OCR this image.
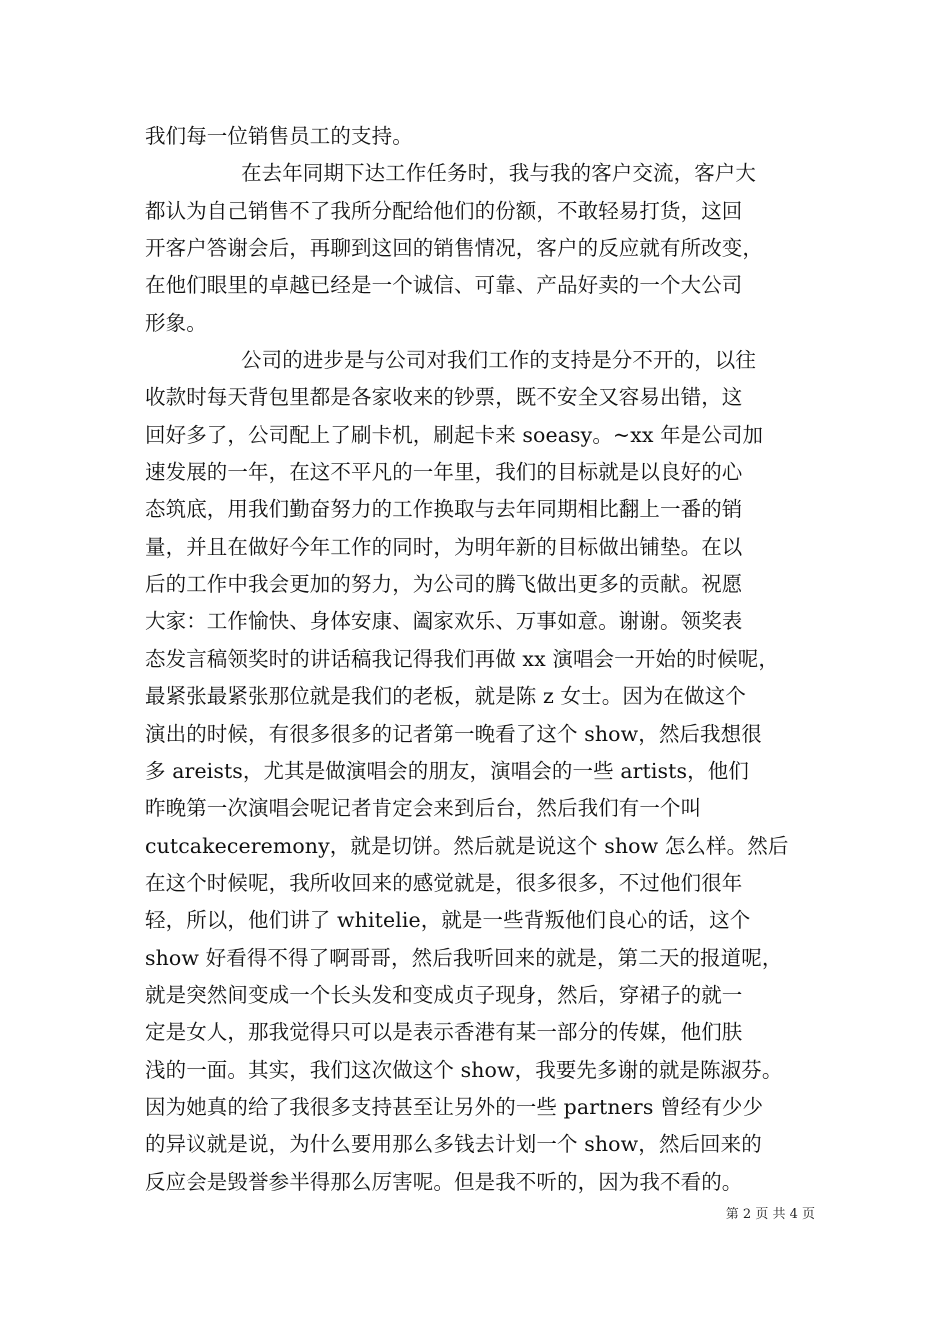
我们每一位销售员工的支持。
在去年同期下达工作任务时，我与我的客户交流，客户大
都认为自己销售不了我所分配给他们的份额，不敢轻易打货，这回
开客户答谢会后，再聊到这回的销售情况，客户的反应就有所改变，
在他们眼里的卓越已经是一个诚信、可靠、产品好卖的一个大公司
形象。
公司的进步是与公司对我们工作的支持是分不开的，以往
收款时每天背包里都是各家收来的钞票，既不安全又容易出错，这
回好多了，公司配上了刷卡机，刷起卡来 soeasy。~xx 年是公司加
速发展的一年，在这不平凡的一年里，我们的目标就是以良好的心
态筑底，用我们勤奋努力的工作换取与去年同期相比翻上一番的销
量，并且在做好今年工作的同时，为明年新的目标做出铺垫。在以
后的工作中我会更加的努力，为公司的腾飞做出更多的贡献。祝愿
大家：工作愉快、身体安康、阖家欢乐、万事如意。谢谢。领奖表
态发言稿领奖时的讲话稿我记得我们再做 xx 演唱会一开始的时候呢，
最紧张最紧张那位就是我们的老板，就是陈 z 女士。因为在做这个
演出的时候，有很多很多的记者第一晚看了这个 show，然后我想很
多 areists，尤其是做演唱会的朋友，演唱会的一些 artists，他们
昨晚第一次演唱会呢记者肯定会来到后台，然后我们有一个叫
cutcakeceremony，就是切饼。然后就是说这个 show 怎么样。然后
在这个时候呢，我所收回来的感觉就是，很多很多，不过他们很年
轻，所以，他们讲了 whitelie，就是一些背叛他们良心的话，这个
show 好看得不得了啊哥哥，然后我听回来的就是，第二天的报道呢，
就是突然间变成一个长头发和变成贞子现身，然后，穿裙子的就一
定是女人，那我觉得只可以是表示香港有某一部分的传媒，他们肤
浅的一面。其实，我们这次做这个 show，我要先多谢的就是陈淑芬。
因为她真的给了我很多支持甚至让另外的一些 partners 曾经有少少
的异议就是说，为什么要用那么多钱去计划一个 show，然后回来的
反应会是毁誉参半得那么厉害呢。但是我不听的，因为我不看的。
第 2 页 共 4 页
